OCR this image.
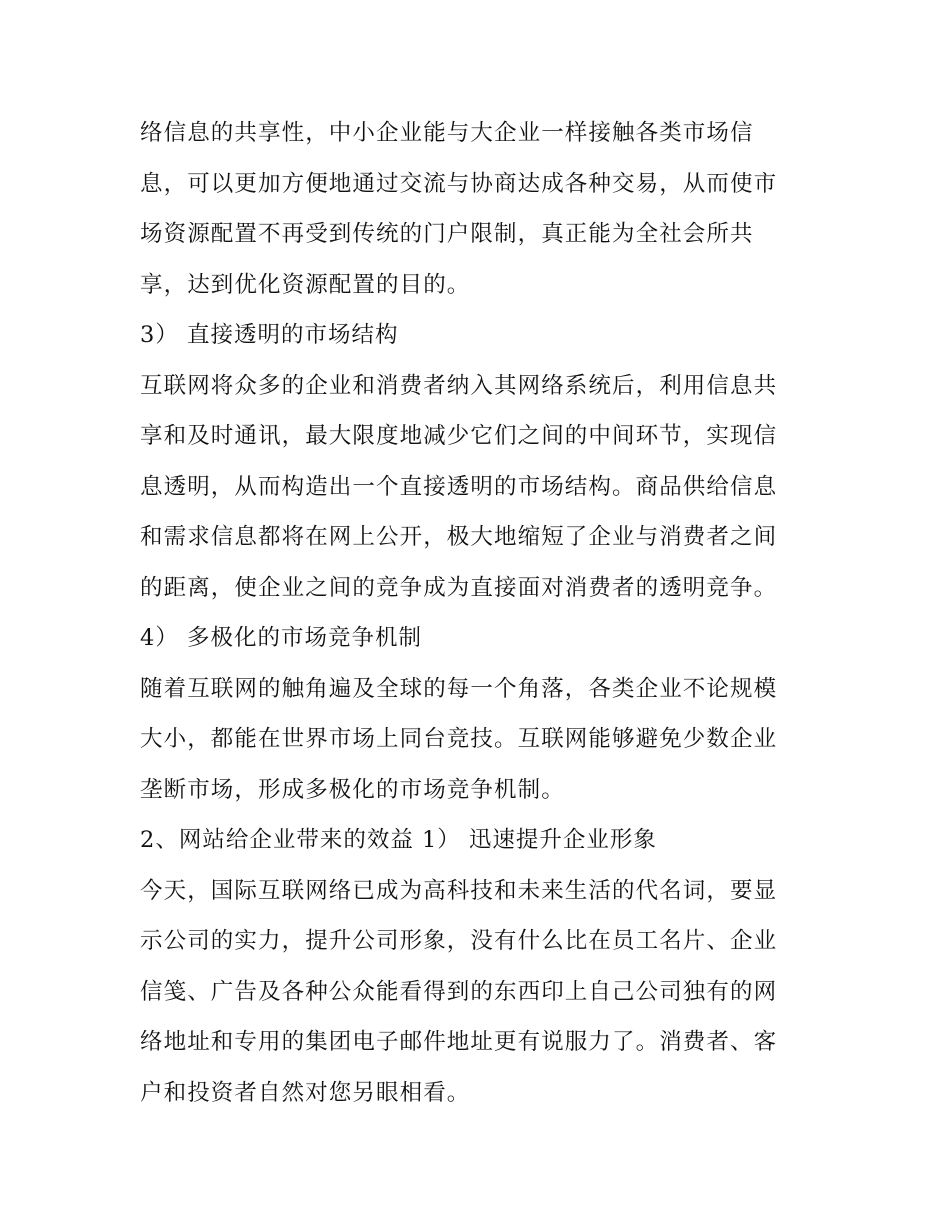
络信息的共享性，中小企业能与大企业一样接触各类市场信
息，可以更加方便地通过交流与协商达成各种交易，从而使市
场资源配置不再受到传统的门户限制，真正能为全社会所共
享，达到优化资源配置的目的。
3） 直接透明的市场结构
互联网将众多的企业和消费者纳入其网络系统后，利用信息共
享和及时通讯，最大限度地减少它们之间的中间环节，实现信
息透明，从而构造出一个直接透明的市场结构。商品供给信息
和需求信息都将在网上公开，极大地缩短了企业与消费者之间
的距离，使企业之间的竞争成为直接面对消费者的透明竞争。
4） 多极化的市场竞争机制
随着互联网的触角遍及全球的每一个角落，各类企业不论规模
大小，都能在世界市场上同台竞技。互联网能够避免少数企业
垄断市场，形成多极化的市场竞争机制。
2、网站给企业带来的效益 1） 迅速提升企业形象
今天，国际互联网络已成为高科技和未来生活的代名词，要显
示公司的实力，提升公司形象，没有什么比在员工名片、企业
信笺、广告及各种公众能看得到的东西印上自己公司独有的网
络地址和专用的集团电子邮件地址更有说服力了。消费者、客
户和投资者自然对您另眼相看。
